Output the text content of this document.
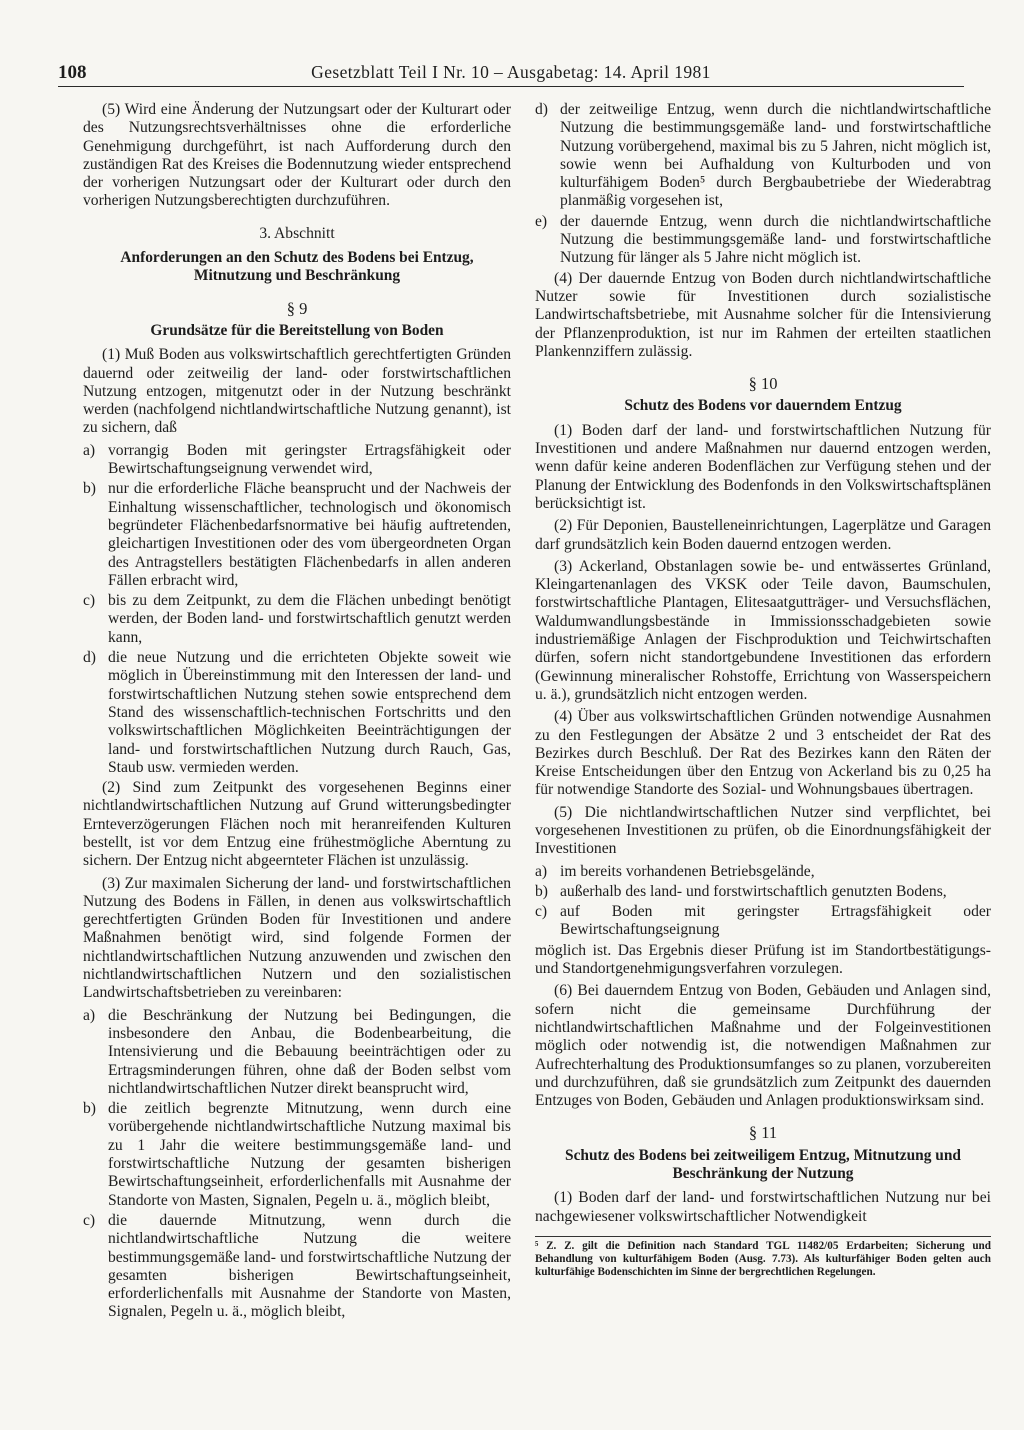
108	Gesetzblatt Teil I Nr. 10 – Ausgabetag: 14. April 1981

(5) Wird eine Änderung der Nutzungsart oder der Kulturart oder des Nutzungsrechtsverhältnisses ohne die erforderliche Genehmigung durchgeführt, ist nach Aufforderung durch den zuständigen Rat des Kreises die Bodennutzung wieder entsprechend der vorherigen Nutzungsart oder der Kulturart oder durch den vorherigen Nutzungsberechtigten durchzuführen.

3. Abschnitt
Anforderungen an den Schutz des Bodens bei Entzug, Mitnutzung und Beschränkung
§ 9
Grundsätze für die Bereitstellung von Boden

(1) Muß Boden aus volkswirtschaftlich gerechtfertigten Gründen dauernd oder zeitweilig der land- oder forstwirtschaftlichen Nutzung entzogen, mitgenutzt oder in der Nutzung beschränkt werden (nachfolgend nichtlandwirtschaftliche Nutzung genannt), ist zu sichern, daß

a) vorrangig Boden mit geringster Ertragsfähigkeit oder Bewirtschaftungseignung verwendet wird,
b) nur die erforderliche Fläche beansprucht und der Nachweis der Einhaltung wissenschaftlicher, technologisch und ökonomisch begründeter Flächenbedarfsnormative bei häufig auftretenden, gleichartigen Investitionen oder des vom übergeordneten Organ des Antragstellers bestätigten Flächenbedarfs in allen anderen Fällen erbracht wird,
c) bis zu dem Zeitpunkt, zu dem die Flächen unbedingt benötigt werden, der Boden land- und forstwirtschaftlich genutzt werden kann,
d) die neue Nutzung und die errichteten Objekte soweit wie möglich in Übereinstimmung mit den Interessen der land- und forstwirtschaftlichen Nutzung stehen sowie entsprechend dem Stand des wissenschaftlich-technischen Fortschritts und den volkswirtschaftlichen Möglichkeiten Beeinträchtigungen der land- und forstwirtschaftlichen Nutzung durch Rauch, Gas, Staub usw. vermieden werden.

(2) Sind zum Zeitpunkt des vorgesehenen Beginns einer nichtlandwirtschaftlichen Nutzung auf Grund witterungsbedingter Ernteverzögerungen Flächen noch mit heranreifenden Kulturen bestellt, ist vor dem Entzug eine frühestmögliche Aberntung zu sichern. Der Entzug nicht abgeernteter Flächen ist unzulässig.

(3) Zur maximalen Sicherung der land- und forstwirtschaftlichen Nutzung des Bodens in Fällen, in denen aus volkswirtschaftlich gerechtfertigten Gründen Boden für Investitionen und andere Maßnahmen benötigt wird, sind folgende Formen der nichtlandwirtschaftlichen Nutzung anzuwenden und zwischen den nichtlandwirtschaftlichen Nutzern und den sozialistischen Landwirtschaftsbetrieben zu vereinbaren:

a) die Beschränkung der Nutzung bei Bedingungen, die insbesondere den Anbau, die Bodenbearbeitung, die Intensivierung und die Bebauung beeinträchtigen oder zu Ertragsminderungen führen, ohne daß der Boden selbst vom nichtlandwirtschaftlichen Nutzer direkt beansprucht wird,
b) die zeitlich begrenzte Mitnutzung, wenn durch eine vorübergehende nichtlandwirtschaftliche Nutzung maximal bis zu 1 Jahr die weitere bestimmungsgemäße land- und forstwirtschaftliche Nutzung der gesamten bisherigen Bewirtschaftungseinheit, erforderlichenfalls mit Ausnahme der Standorte von Masten, Signalen, Pegeln u. ä., möglich bleibt,
c) die dauernde Mitnutzung, wenn durch die nichtlandwirtschaftliche Nutzung die weitere bestimmungsgemäße land- und forstwirtschaftliche Nutzung der gesamten bisherigen Bewirtschaftungseinheit, erforderlichenfalls mit Ausnahme der Standorte von Masten, Signalen, Pegeln u. ä., möglich bleibt,
d) der zeitweilige Entzug, wenn durch die nichtlandwirtschaftliche Nutzung die bestimmungsgemäße land- und forstwirtschaftliche Nutzung vorübergehend, maximal bis zu 5 Jahren, nicht möglich ist, sowie wenn bei Aufhaldung von Kulturboden und von kulturfähigem Boden⁵ durch Bergbaubetriebe der Wiederabtrag planmäßig vorgesehen ist,
e) der dauernde Entzug, wenn durch die nichtlandwirtschaftliche Nutzung die bestimmungsgemäße land- und forstwirtschaftliche Nutzung für länger als 5 Jahre nicht möglich ist.

(4) Der dauernde Entzug von Boden durch nichtlandwirtschaftliche Nutzer sowie für Investitionen durch sozialistische Landwirtschaftsbetriebe, mit Ausnahme solcher für die Intensivierung der Pflanzenproduktion, ist nur im Rahmen der erteilten staatlichen Plankennziffern zulässig.

§ 10
Schutz des Bodens vor dauerndem Entzug

(1) Boden darf der land- und forstwirtschaftlichen Nutzung für Investitionen und andere Maßnahmen nur dauernd entzogen werden, wenn dafür keine anderen Bodenflächen zur Verfügung stehen und der Planung der Entwicklung des Bodenfonds in den Volkswirtschaftsplänen berücksichtigt ist.

(2) Für Deponien, Baustelleneinrichtungen, Lagerplätze und Garagen darf grundsätzlich kein Boden dauernd entzogen werden.

(3) Ackerland, Obstanlagen sowie be- und entwässertes Grünland, Kleingartenanlagen des VKSK oder Teile davon, Baumschulen, forstwirtschaftliche Plantagen, Elitesaatgutträger- und Versuchsflächen, Waldumwandlungsbestände in Immissionsschadgebieten sowie industriemäßige Anlagen der Fischproduktion und Teichwirtschaften dürfen, sofern nicht standortgebundene Investitionen das erfordern (Gewinnung mineralischer Rohstoffe, Errichtung von Wasserspeichern u. ä.), grundsätzlich nicht entzogen werden.

(4) Über aus volkswirtschaftlichen Gründen notwendige Ausnahmen zu den Festlegungen der Absätze 2 und 3 entscheidet der Rat des Bezirkes durch Beschluß. Der Rat des Bezirkes kann den Räten der Kreise Entscheidungen über den Entzug von Ackerland bis zu 0,25 ha für notwendige Standorte des Sozial- und Wohnungsbaues übertragen.

(5) Die nichtlandwirtschaftlichen Nutzer sind verpflichtet, bei vorgesehenen Investitionen zu prüfen, ob die Einordnungsfähigkeit der Investitionen

a) im bereits vorhandenen Betriebsgelände,
b) außerhalb des land- und forstwirtschaftlich genutzten Bodens,
c) auf Boden mit geringster Ertragsfähigkeit oder Bewirtschaftungseignung

möglich ist. Das Ergebnis dieser Prüfung ist im Standortbestätigungs- und Standortgenehmigungsverfahren vorzulegen.

(6) Bei dauerndem Entzug von Boden, Gebäuden und Anlagen sind, sofern nicht die gemeinsame Durchführung der nichtlandwirtschaftlichen Maßnahme und der Folgeinvestitionen möglich oder notwendig ist, die notwendigen Maßnahmen zur Aufrechterhaltung des Produktionsumfanges so zu planen, vorzubereiten und durchzuführen, daß sie grundsätzlich zum Zeitpunkt des dauernden Entzuges von Boden, Gebäuden und Anlagen produktionswirksam sind.

§ 11
Schutz des Bodens bei zeitweiligem Entzug, Mitnutzung und Beschränkung der Nutzung

(1) Boden darf der land- und forstwirtschaftlichen Nutzung nur bei nachgewiesener volkswirtschaftlicher Notwendigkeit

⁵ Z. Z. gilt die Definition nach Standard TGL 11482/05 Erdarbeiten; Sicherung und Behandlung von kulturfähigem Boden (Ausg. 7.73). Als kulturfähiger Boden gelten auch kulturfähige Bodenschichten im Sinne der bergrechtlichen Regelungen.
